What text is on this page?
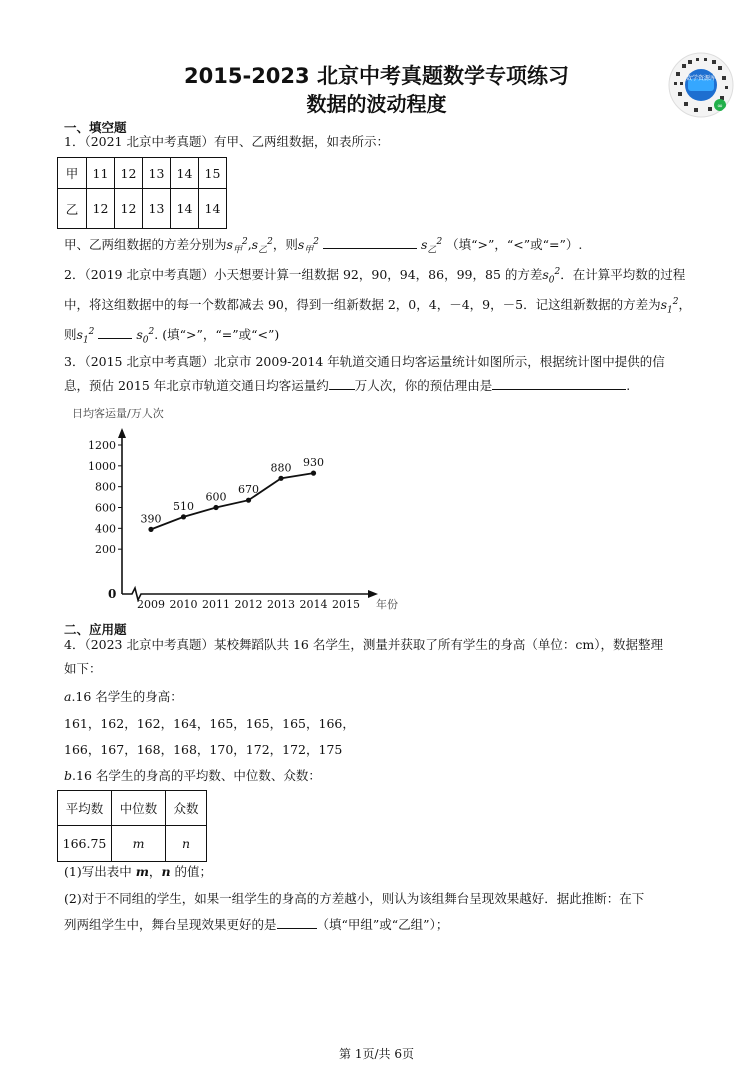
2015-2023 北京中考真题数学专项练习
数据的波动程度	∞
数学资源库
一、填空题
1．（2021 北京中考真题）有甲、乙两组数据，如表所示：
甲	11	12	13	14	15
乙	12	12	13	14	14
甲、乙两组数据的方差分别为$s_甲^2,s_乙^2$，则$s_甲^2$	$s_乙^2$ （填“>”，“<”或“=”）.
2．（2019 北京中考真题）小天想要计算一组数据 92，90，94，86，99，85 的方差$s_0^2$．在计算平均数的过程
中，将这组数据中的每一个数都减去 90，得到一组新数据 2，0，4，－4，9，－5．记这组新数据的方差为$s_1^2$，
则$s_1^2$	$s_0^2$. (填“>”，“=”或“<”)
3．（2015 北京中考真题）北京市 2009-2014 年轨道交通日均客运量统计如图所示，根据统计图中提供的信
息，预估 2015 年北京市轨道交通日均客运量约 万人次，你的预估理由是	.
日均客运量/万人次
年份
0
1200
1000
800
600
400
200
2009 2010 2011 2012 2013 2014 2015
390
510
600
670
880 930
二、应用题
4．（2023 北京中考真题）某校舞蹈队共 16 名学生，测量并获取了所有学生的身高（单位：cm），数据整理
如下：
a.16 名学生的身高：
161，162，162，164，165，165，165，166，
166，167，168，168，170，172，172，175
b.16 名学生的身高的平均数、中位数、众数：
平均数	中位数	众数
166.75	m	n
(1)写出表中 m，n 的值；
(2)对于不同组的学生，如果一组学生的身高的方差越小，则认为该组舞台呈现效果越好．据此推断：在下
列两组学生中，舞台呈现效果更好的是	（填“甲组”或“乙组”）；
第 1页/共 6页
